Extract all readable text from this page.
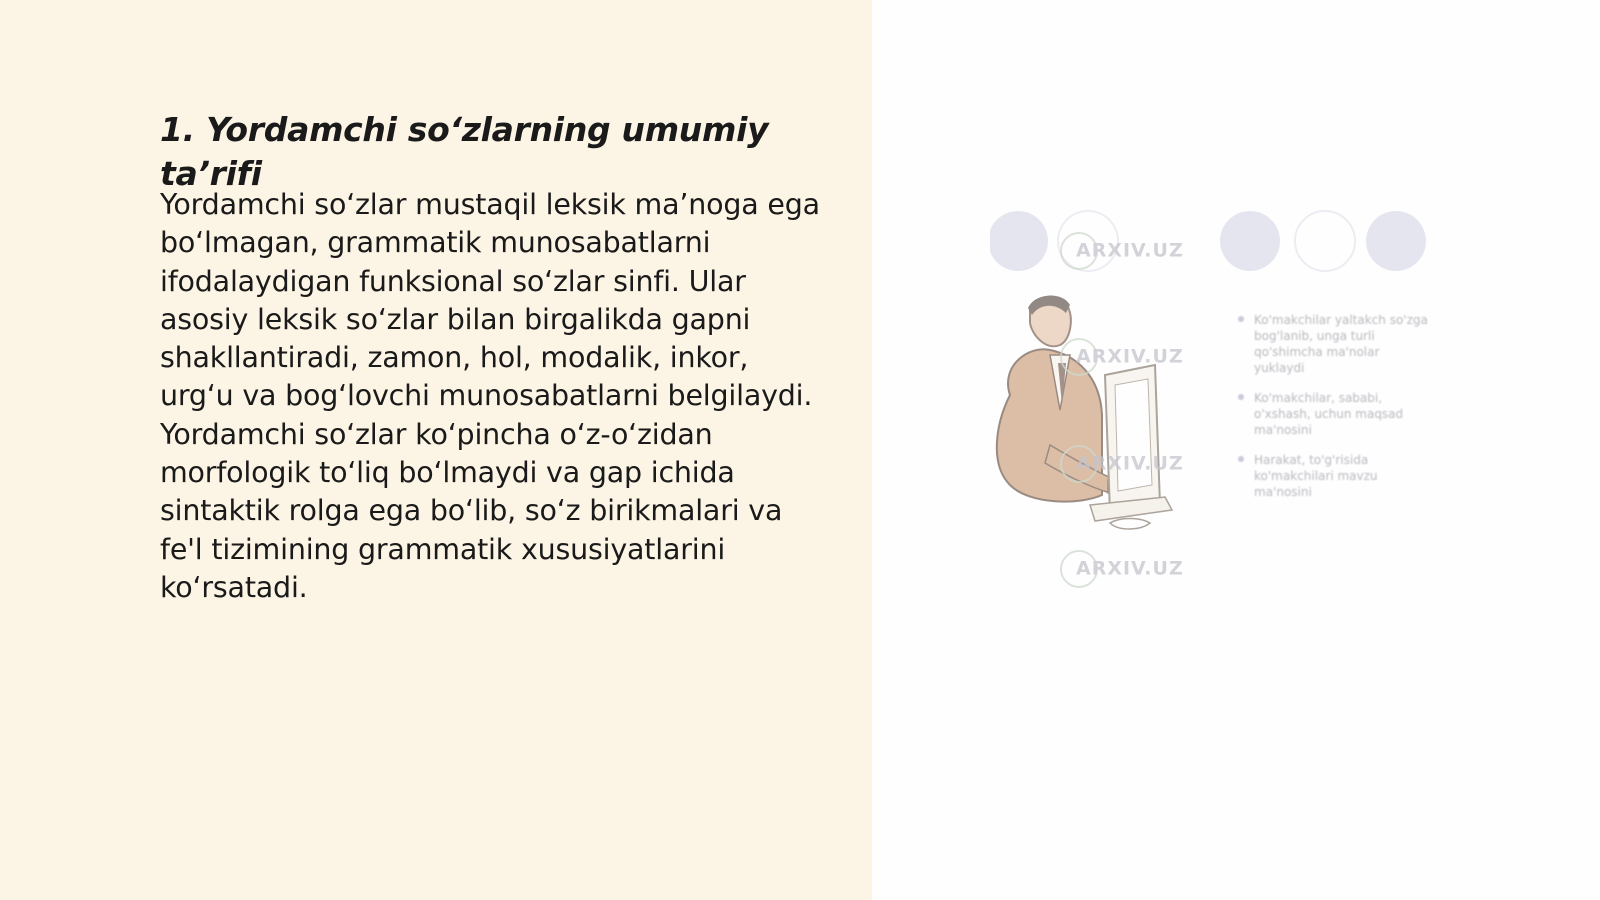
1. Yordamchi so‘zlarning umumiy ta’rifi

Yordamchi so‘zlar mustaqil leksik ma’noga ega bo‘lmagan, grammatik munosabatlarni ifodalaydigan funksional so‘zlar sinfi. Ular asosiy leksik so‘zlar bilan birgalikda gapni shakllantiradi, zamon, hol, modalik, inkor, urg‘u va bog‘lovchi munosabatlarni belgilaydi. Yordamchi so‘zlar ko‘pincha o‘z-o‘zidan morfologik to‘liq bo‘lmaydi va gap ichida sintaktik rolga ega bo‘lib, so‘z birikmalari va fe'l tizimining grammatik xususiyatlarini ko‘rsatadi.

ARXIV.UZ
ARXIV.UZ
ARXIV.UZ
ARXIV.UZ
Ko'makchilar yaltakch so'zga bog'lanib, unga turli qo'shimcha ma'nolar yuklaydi
Ko'makchilar, sababi, o'xshash, uchun maqsad ma'nosini
Harakat, to'g'risida ko'makchilari mavzu ma'nosini
